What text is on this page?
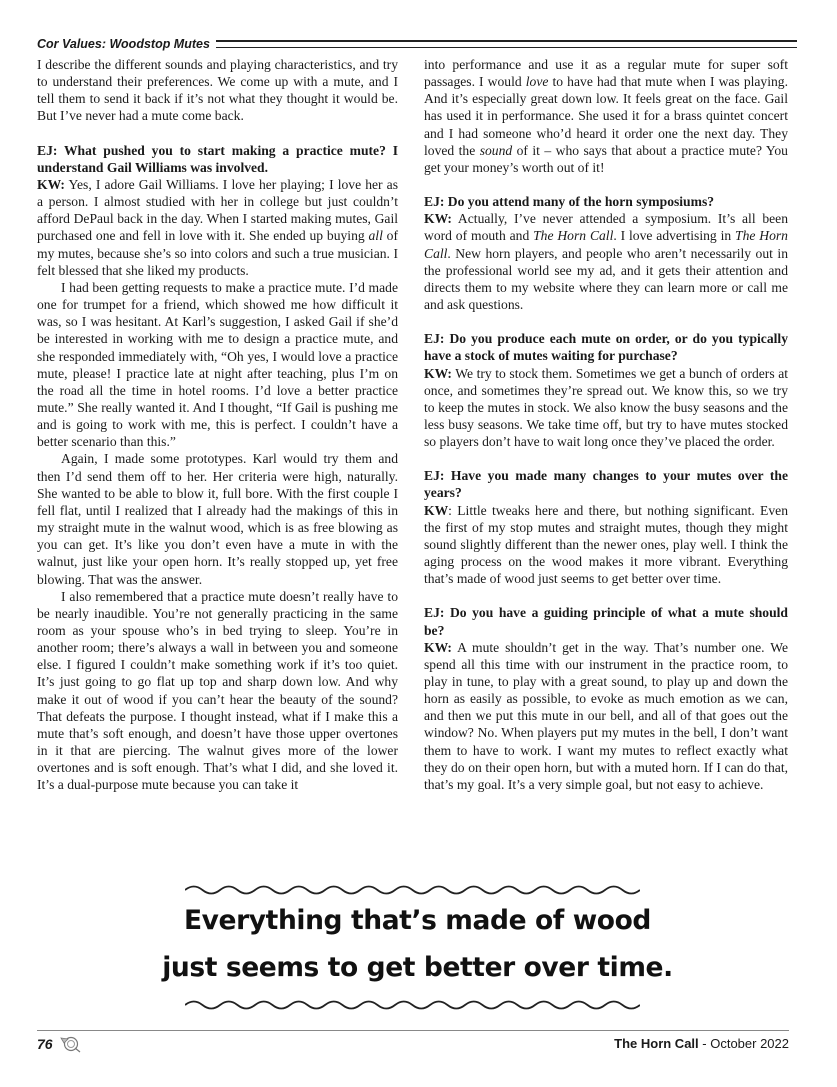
Cor Values: Woodstop Mutes

I describe the different sounds and playing characteristics, and try to understand their preferences. We come up with a mute, and I tell them to send it back if it’s not what they thought it would be. But I’ve never had a mute come back.

EJ: What pushed you to start making a practice mute? I understand Gail Williams was involved.

KW: Yes, I adore Gail Williams. I love her playing; I love her as a person. I almost studied with her in college but just couldn’t afford DePaul back in the day. When I started making mutes, Gail purchased one and fell in love with it. She ended up buying all of my mutes, because she’s so into colors and such a true musician. I felt blessed that she liked my products.

I had been getting requests to make a practice mute. I’d made one for trumpet for a friend, which showed me how difficult it was, so I was hesitant. At Karl’s suggestion, I asked Gail if she’d be interested in working with me to design a practice mute, and she responded immediately with, “Oh yes, I would love a practice mute, please! I practice late at night after teaching, plus I’m on the road all the time in hotel rooms. I’d love a better practice mute.” She really wanted it. And I thought, “If Gail is pushing me and is going to work with me, this is perfect. I couldn’t have a better scenario than this.”

Again, I made some prototypes. Karl would try them and then I’d send them off to her. Her criteria were high, naturally. She wanted to be able to blow it, full bore. With the first couple I fell flat, until I realized that I already had the makings of this in my straight mute in the walnut wood, which is as free blowing as you can get. It’s like you don’t even have a mute in with the walnut, just like your open horn. It’s really stopped up, yet free blowing. That was the answer.

I also remembered that a practice mute doesn’t really have to be nearly inaudible. You’re not generally practicing in the same room as your spouse who’s in bed trying to sleep. You’re in another room; there’s always a wall in between you and someone else. I figured I couldn’t make something work if it’s too quiet. It’s just going to go flat up top and sharp down low. And why make it out of wood if you can’t hear the beauty of the sound? That defeats the purpose. I thought instead, what if I make this a mute that’s soft enough, and doesn’t have those upper overtones in it that are piercing. The walnut gives more of the lower overtones and is soft enough. That’s what I did, and she loved it. It’s a dual-purpose mute because you can take it

into performance and use it as a regular mute for super soft passages. I would love to have had that mute when I was playing. And it’s especially great down low. It feels great on the face. Gail has used it in performance. She used it for a brass quintet concert and I had someone who’d heard it order one the next day. They loved the sound of it – who says that about a practice mute? You get your money’s worth out of it!

EJ: Do you attend many of the horn symposiums?

KW: Actually, I’ve never attended a symposium. It’s all been word of mouth and The Horn Call. I love advertising in The Horn Call. New horn players, and people who aren’t necessarily out in the professional world see my ad, and it gets their attention and directs them to my website where they can learn more or call me and ask questions.

EJ: Do you produce each mute on order, or do you typically have a stock of mutes waiting for purchase?

KW: We try to stock them. Sometimes we get a bunch of orders at once, and sometimes they’re spread out. We know this, so we try to keep the mutes in stock. We also know the busy seasons and the less busy seasons. We take time off, but try to have mutes stocked so players don’t have to wait long once they’ve placed the order.

EJ: Have you made many changes to your mutes over the years?

KW: Little tweaks here and there, but nothing significant. Even the first of my stop mutes and straight mutes, though they might sound slightly different than the newer ones, play well. I think the aging process on the wood makes it more vibrant. Everything that’s made of wood just seems to get better over time.

EJ: Do you have a guiding principle of what a mute should be?

KW: A mute shouldn’t get in the way. That’s number one. We spend all this time with our instrument in the practice room, to play in tune, to play with a great sound, to play up and down the horn as easily as possible, to evoke as much emotion as we can, and then we put this mute in our bell, and all of that goes out the window? No. When players put my mutes in the bell, I don’t want them to have to work. I want my mutes to reflect exactly what they do on their open horn, but with a muted horn. If I can do that, that’s my goal. It’s a very simple goal, but not easy to achieve.

Everything that’s made of wood
just seems to get better over time.
76	The Horn Call - October 2022
